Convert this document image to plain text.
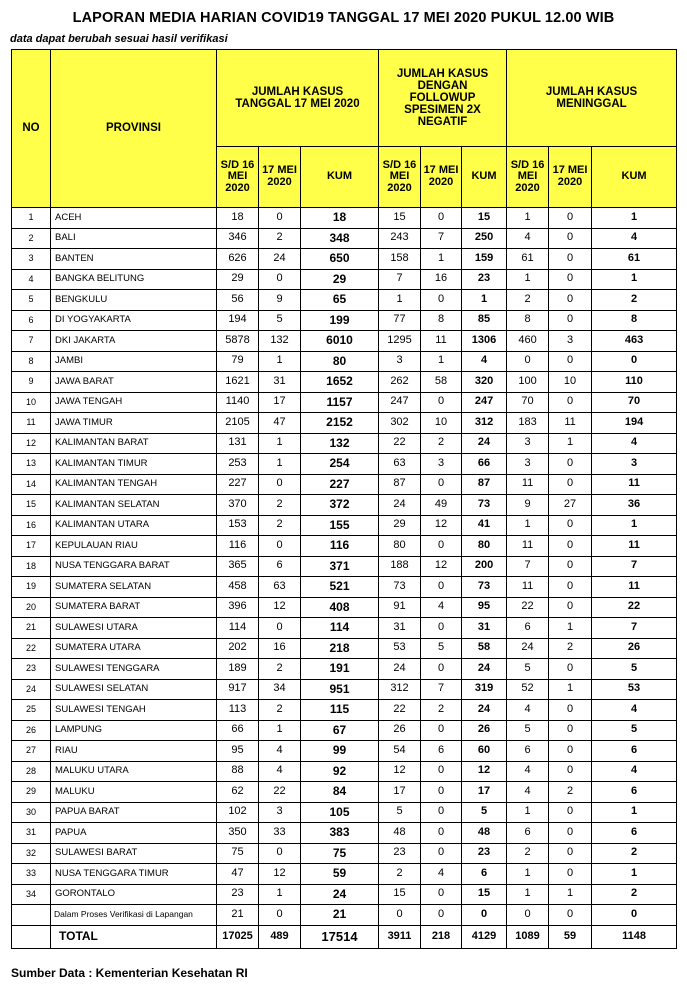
LAPORAN MEDIA HARIAN COVID19 TANGGAL 17 MEI 2020 PUKUL 12.00 WIB
data dapat berubah sesuai hasil verifikasi
NO	PROVINSI	JUMLAH KASUS TANGGAL 17 MEI 2020			JUMLAH KASUS DENGAN FOLLOWUP SPESIMEN 2X NEGATIF			JUMLAH KASUS MENINGGAL		
		S/D 16 MEI 2020	17 MEI 2020	KUM	S/D 16 MEI 2020	17 MEI 2020	KUM	S/D 16 MEI 2020	17 MEI 2020	KUM
1	ACEH	18	0	18	15	0	15	1	0	1
2	BALI	346	2	348	243	7	250	4	0	4
3	BANTEN	626	24	650	158	1	159	61	0	61
4	BANGKA BELITUNG	29	0	29	7	16	23	1	0	1
5	BENGKULU	56	9	65	1	0	1	2	0	2
6	DI YOGYAKARTA	194	5	199	77	8	85	8	0	8
7	DKI JAKARTA	5878	132	6010	1295	11	1306	460	3	463
8	JAMBI	79	1	80	3	1	4	0	0	0
9	JAWA BARAT	1621	31	1652	262	58	320	100	10	110
10	JAWA TENGAH	1140	17	1157	247	0	247	70	0	70
11	JAWA TIMUR	2105	47	2152	302	10	312	183	11	194
12	KALIMANTAN BARAT	131	1	132	22	2	24	3	1	4
13	KALIMANTAN TIMUR	253	1	254	63	3	66	3	0	3
14	KALIMANTAN TENGAH	227	0	227	87	0	87	11	0	11
15	KALIMANTAN SELATAN	370	2	372	24	49	73	9	27	36
16	KALIMANTAN UTARA	153	2	155	29	12	41	1	0	1
17	KEPULAUAN RIAU	116	0	116	80	0	80	11	0	11
18	NUSA TENGGARA BARAT	365	6	371	188	12	200	7	0	7
19	SUMATERA SELATAN	458	63	521	73	0	73	11	0	11
20	SUMATERA BARAT	396	12	408	91	4	95	22	0	22
21	SULAWESI UTARA	114	0	114	31	0	31	6	1	7
22	SUMATERA UTARA	202	16	218	53	5	58	24	2	26
23	SULAWESI TENGGARA	189	2	191	24	0	24	5	0	5
24	SULAWESI SELATAN	917	34	951	312	7	319	52	1	53
25	SULAWESI TENGAH	113	2	115	22	2	24	4	0	4
26	LAMPUNG	66	1	67	26	0	26	5	0	5
27	RIAU	95	4	99	54	6	60	6	0	6
28	MALUKU UTARA	88	4	92	12	0	12	4	0	4
29	MALUKU	62	22	84	17	0	17	4	2	6
30	PAPUA BARAT	102	3	105	5	0	5	1	0	1
31	PAPUA	350	33	383	48	0	48	6	0	6
32	SULAWESI BARAT	75	0	75	23	0	23	2	0	2
33	NUSA TENGGARA TIMUR	47	12	59	2	4	6	1	0	1
34	GORONTALO	23	1	24	15	0	15	1	1	2
	Dalam Proses Verifikasi di Lapangan	21	0	21	0	0	0	0	0	0
	TOTAL	17025	489	17514	3911	218	4129	1089	59	1148
Sumber Data : Kementerian Kesehatan RI
